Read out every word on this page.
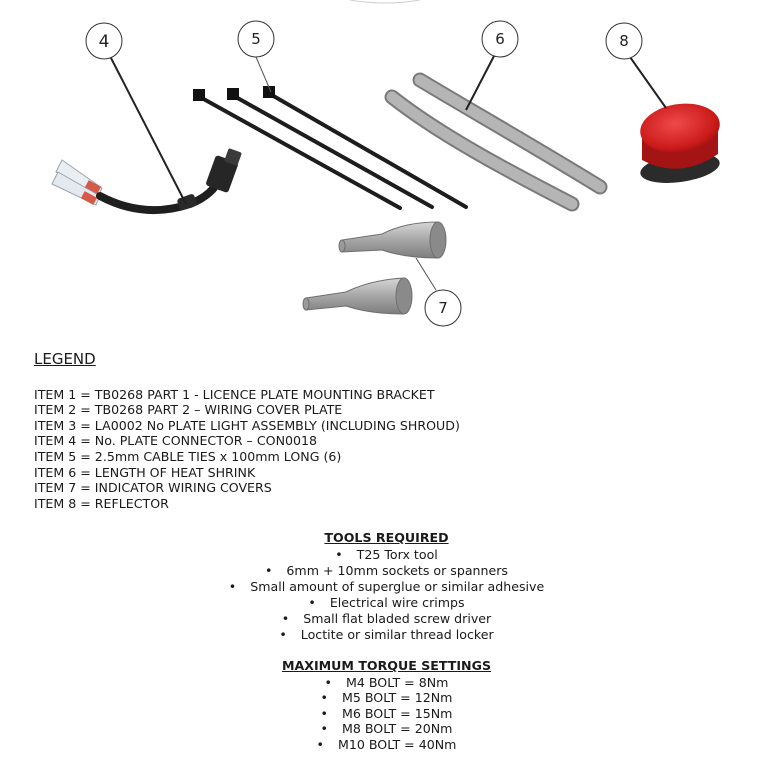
4	5	6
7
8
LEGEND
ITEM 1 = TB0268 PART 1 - LICENCE PLATE MOUNTING BRACKET
ITEM 2 = TB0268 PART 2 – WIRING COVER PLATE
ITEM 3 = LA0002 No PLATE LIGHT ASSEMBLY (INCLUDING SHROUD)
ITEM 4 = No. PLATE CONNECTOR – CON0018
ITEM 5 = 2.5mm CABLE TIES x 100mm LONG (6)
ITEM 6 = LENGTH OF HEAT SHRINK
ITEM 7 = INDICATOR WIRING COVERS
ITEM 8 = REFLECTOR
TOOLS REQUIRED
• T25 Torx tool
• 6mm + 10mm sockets or spanners
• Small amount of superglue or similar adhesive
• Electrical wire crimps
• Small flat bladed screw driver
• Loctite or similar thread locker
MAXIMUM TORQUE SETTINGS
• M4 BOLT = 8Nm
• M5 BOLT = 12Nm
• M6 BOLT = 15Nm
• M8 BOLT = 20Nm
• M10 BOLT = 40Nm
